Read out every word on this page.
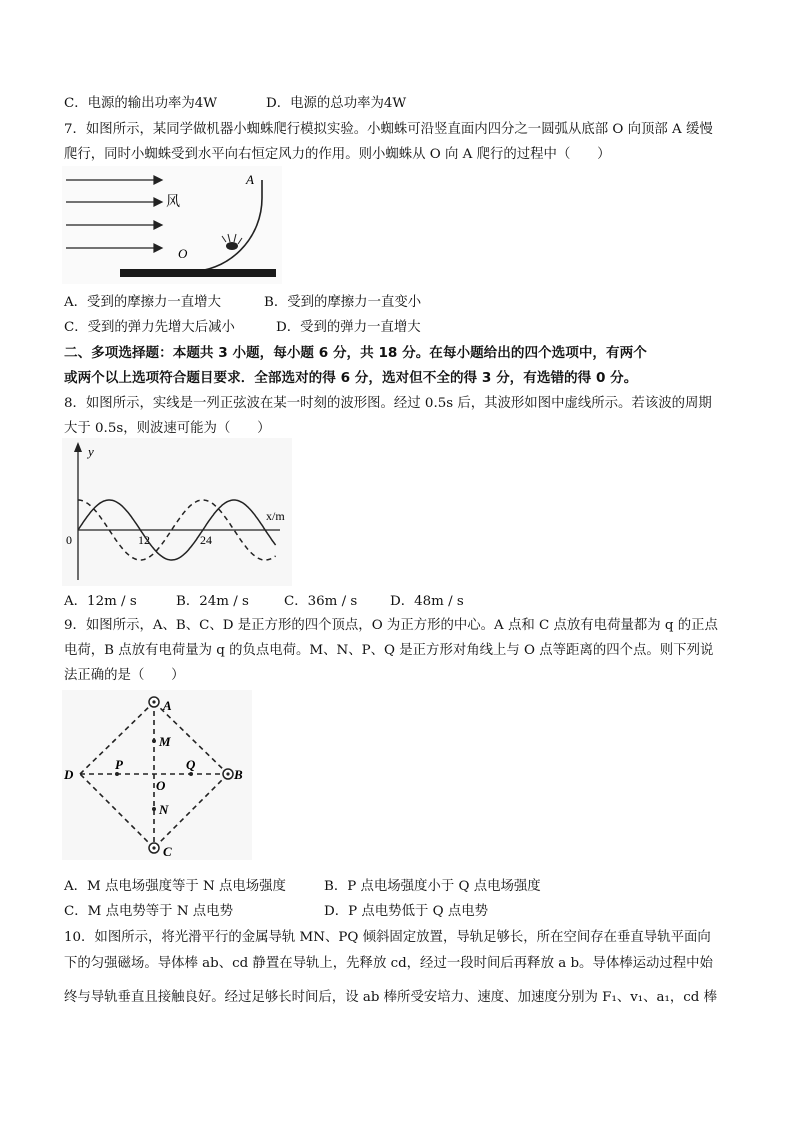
C．电源的输出功率为4W	D．电源的总功率为4W
7．如图所示，某同学做机器小蜘蛛爬行模拟实验。小蜘蛛可沿竖直面内四分之一圆弧从底部 O 向顶部 A 缓慢
爬行，同时小蜘蛛受到水平向右恒定风力的作用。则小蜘蛛从 O 向 A 爬行的过程中（　　）
风
A
O
A．受到的摩擦力一直增大	B．受到的摩擦力一直变小
C．受到的弹力先增大后减小	D．受到的弹力一直增大
二、多项选择题：本题共 3 小题，每小题 6 分，共 18 分。在每小题给出的四个选项中，有两个
或两个以上选项符合题目要求．全部选对的得 6 分，选对但不全的得 3 分，有选错的得 0 分。
8．如图所示，实线是一列正弦波在某一时刻的波形图。经过 0.5s 后，其波形如图中虚线所示。若该波的周期
大于 0.5s，则波速可能为（　　）
y
x/m
0	12	24
A．12m / s	B．24m / s	C．36m / s D．48m / s
9．如图所示，A、B、C、D 是正方形的四个顶点，O 为正方形的中心。A 点和 C 点放有电荷量都为 q 的正点
电荷，B 点放有电荷量为 q 的负点电荷。M、N、P、Q 是正方形对角线上与 O 点等距离的四个点。则下列说
法正确的是（　　）
A
B
C
D
M
N
O
P	Q
A．M 点电场强度等于 N 点电场强度	B．P 点电场强度小于 Q 点电场强度
C．M 点电势等于 N 点电势	D．P 点电势低于 Q 点电势
10．如图所示，将光滑平行的金属导轨 MN、PQ 倾斜固定放置，导轨足够长，所在空间存在垂直导轨平面向
下的匀强磁场。导体棒 ab、cd 静置在导轨上，先释放 cd，经过一段时间后再释放 a b。导体棒运动过程中始
终与导轨垂直且接触良好。经过足够长时间后，设 ab 棒所受安培力、速度、加速度分别为 F₁、v₁、a₁，cd 棒
